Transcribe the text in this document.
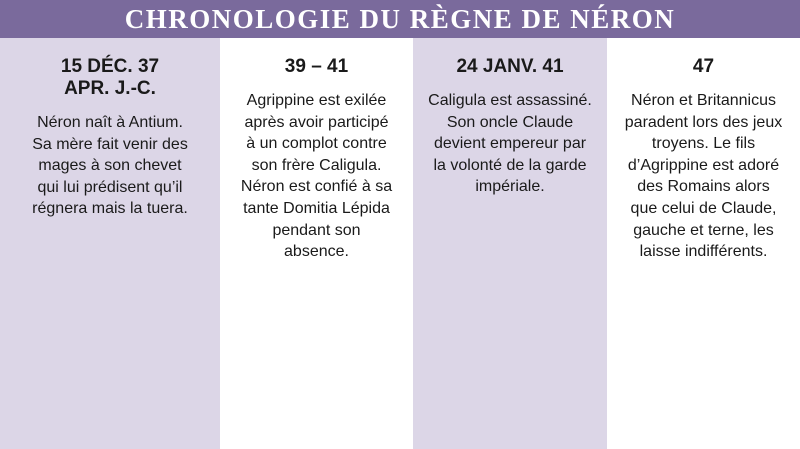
CHRONOLOGIE DU RÈGNE DE NÉRON
15 DÉC. 37
APR. J.-C.

Néron naît à Antium. Sa mère fait venir des mages à son chevet qui lui prédisent qu’il régnera mais la tuera.

39 – 41

Agrippine est exilée après avoir participé à un complot contre son frère Caligula. Néron est confié à sa tante Domitia Lépida pendant son absence.

24 JANV. 41

Caligula est assassiné. Son oncle Claude devient empereur par la volonté de la garde impériale.

47

Néron et Britannicus paradent lors des jeux troyens. Le fils d’Agrippine est adoré des Romains alors que celui de Claude, gauche et terne, les laisse indifférents.
